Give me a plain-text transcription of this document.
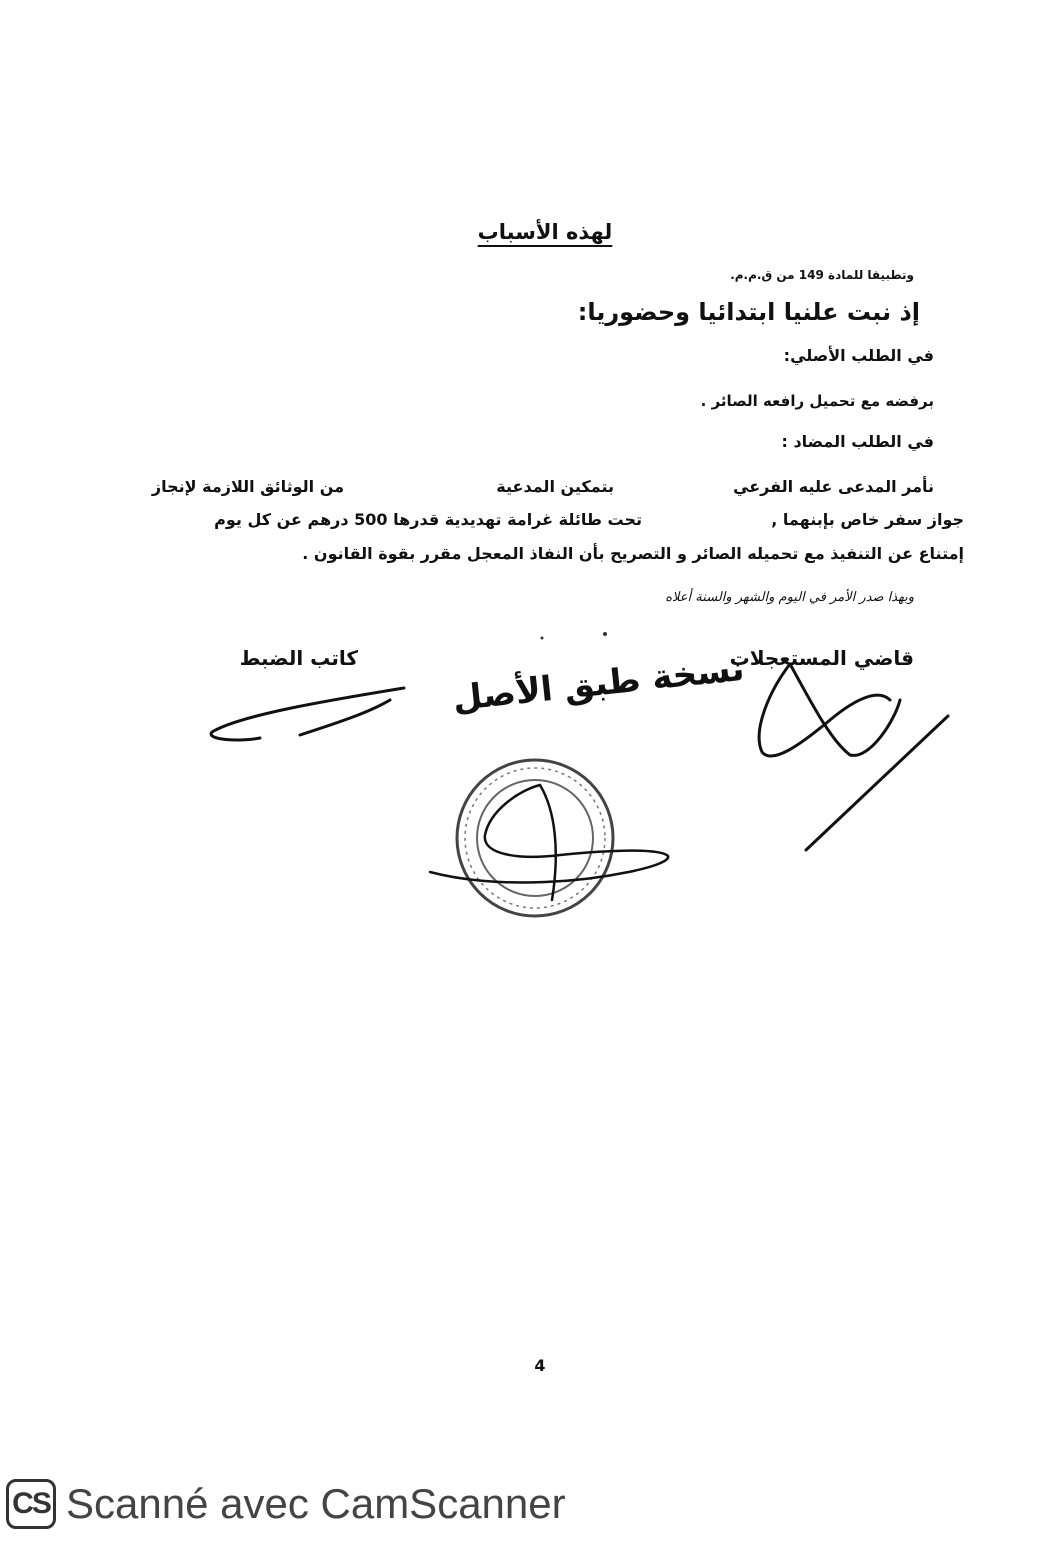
لهذه الأسباب
وتطبيقا للمادة 149 من ق.م.م.
إذ نبت علنيا ابتدائيا وحضوريا:
في الطلب الأصلي:
برفضه مع تحميل رافعه الصائر .
في الطلب المضاد :
نأمر المدعى عليه الفرعي
بتمكين المدعية
من الوثائق اللازمة لإنجاز
جواز سفر خاص بإبنهما ,
تحت طائلة غرامة تهديدية قدرها 500 درهم عن كل يوم
إمتناع عن التنفيذ مع تحميله الصائر و التصريح بأن النفاذ المعجل مقرر بقوة القانون .
وبهذا صدر الأمر في اليوم والشهر والسنة أعلاه
قاضي المستعجلات
كاتب الضبط	نسخة طبق الأصل
4
CS Scanné avec CamScanner
